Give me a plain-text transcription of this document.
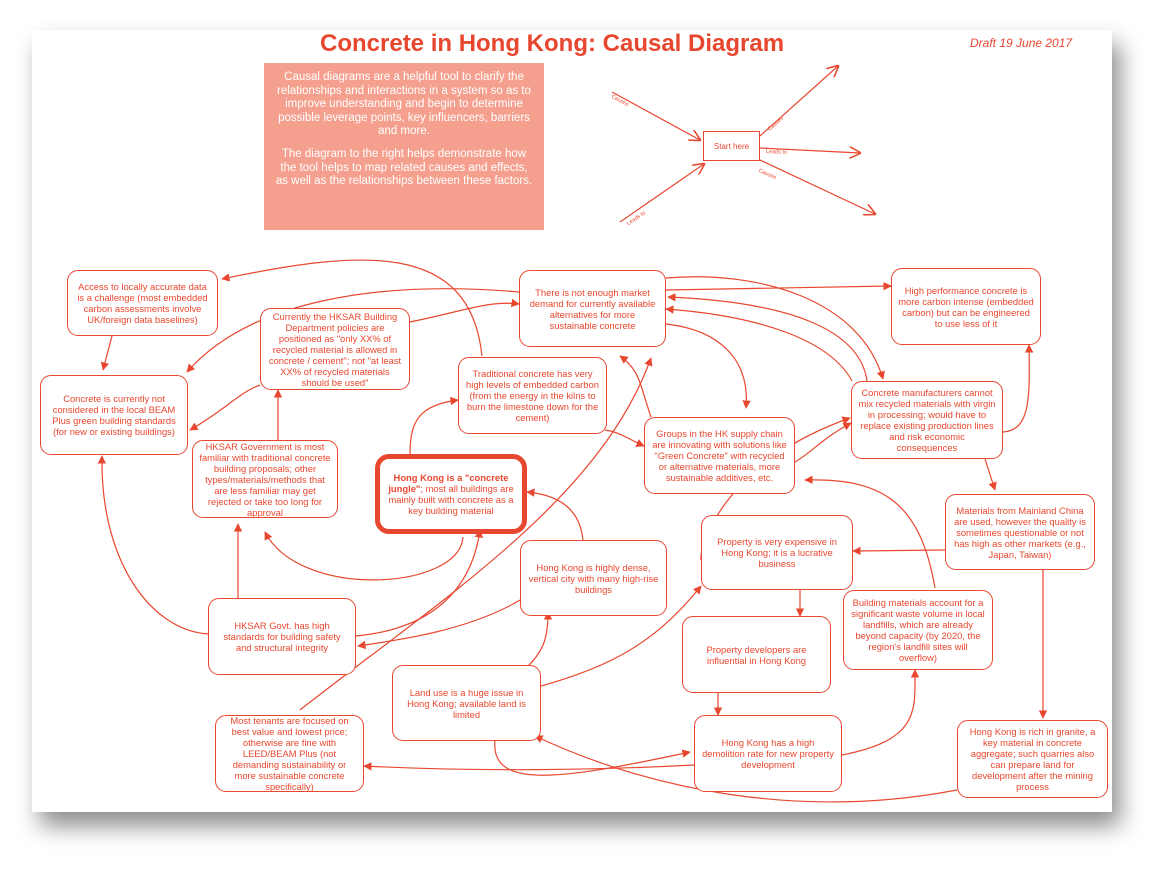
Concrete in Hong Kong: Causal Diagram	Draft 19 June 2017

Causal diagrams are a helpful tool to clarify the relationships and interactions in a system so as to improve understanding and begin to determine possible leverage points, key influencers, barriers and more.

The diagram to the right helps demonstrate how the tool helps to map related causes and effects, as well as the relationships between these factors.

Start here
Causes
Causes
Leads to
Causes
Leads to
Access to locally accurate data is a challenge (most embedded carbon assessments involve UK/foreign data baselines)
Concrete is currently not considered in the local BEAM Plus green building standards (for new or existing buildings)
Currently the HKSAR Building Department policies are positioned as "only XX% of recycled material is allowed in concrete / cement"; not "at least XX% of recycled materials should be used"
There is not enough market demand for currently available alternatives for more sustainable concrete
High performance concrete is more carbon intense (embedded carbon) but can be engineered to use less of it
Traditional concrete has very high levels of embedded carbon (from the energy in the kilns to burn the limestone down for the cement)
Concrete manufacturers cannot mix recycled materials with virgin in processing; would have to replace existing production lines and risk economic consequences
HKSAR Government is most familiar with traditional concrete building proposals; other types/materials/methods that are less familiar may get rejected or take too long for approval
Hong Kong is a "concrete jungle"; most all buildings are mainly built with concrete as a key building material
Groups in the HK supply chain are innovating with solutions like "Green Concrete" with recycled or alternative materials, more sustainable additives, etc.
Materials from Mainland China are used, however the quality is sometimes questionable or not has high as other markets (e.g., Japan, Taiwan)
Property is very expensive in Hong Kong; it is a lucrative business
Hong Kong is highly dense, vertical city with many high-rise buildings
HKSAR Govt. has high standards for building safety and structural integrity	Property developers are influential in Hong Kong
Building materials account for a significant waste volume in local landfills, which are already beyond capacity (by 2020, the region's landfill sites will overflow)
Land use is a huge issue in Hong Kong; available land is limited
Most tenants are focused on best value and lowest price; otherwise are fine with LEED/BEAM Plus (not demanding sustainability or more sustainable concrete specifically)
Hong Kong has a high demolition rate for new property development
Hong Kong is rich in granite, a key material in concrete aggregate; such quarries also can prepare land for development after the mining process
